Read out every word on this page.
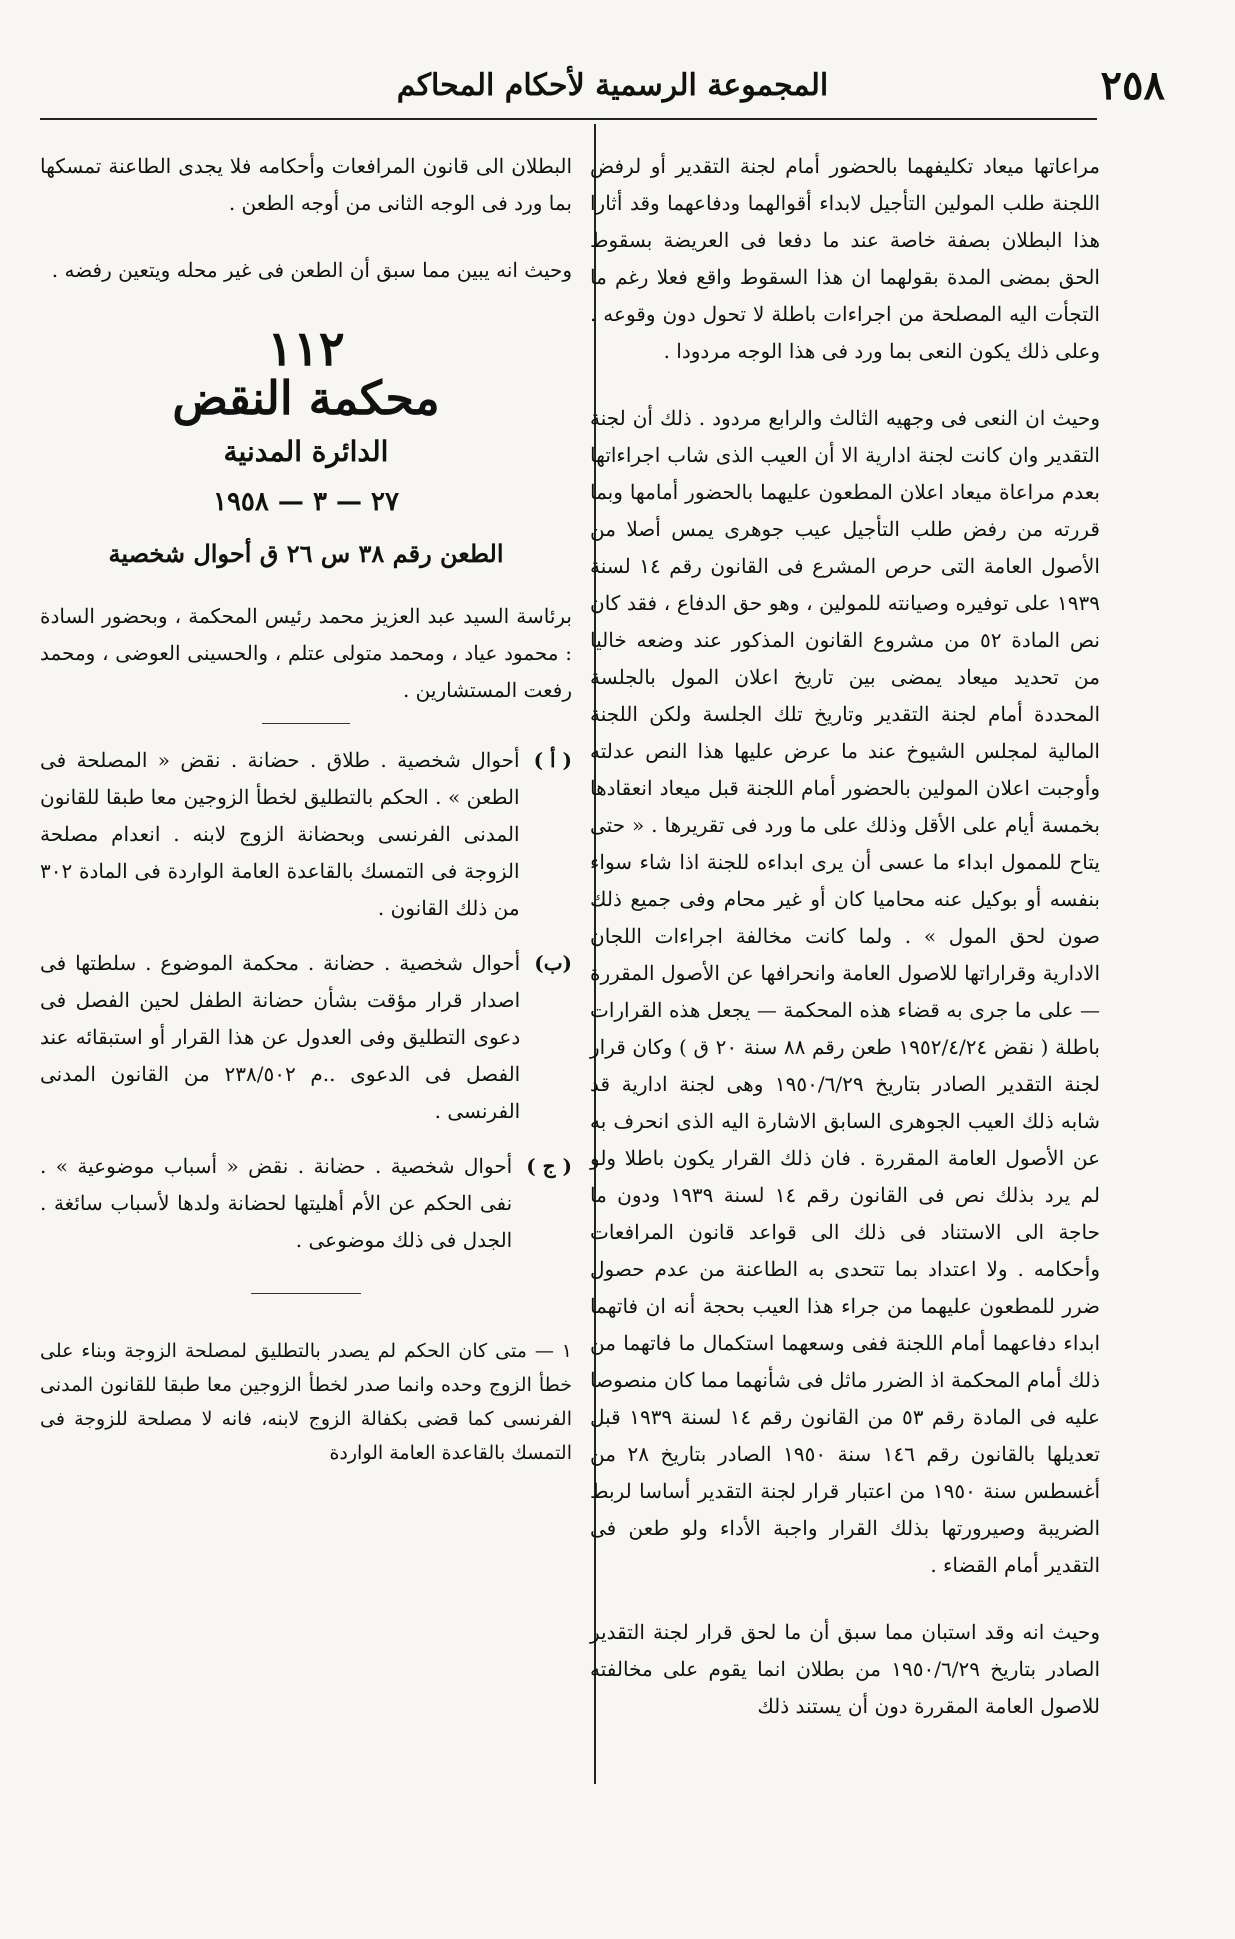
٢٥٨
المجموعة الرسمية لأحكام المحاكم

مراعاتها ميعاد تكليفهما بالحضور أمام لجنة التقدير أو لرفض اللجنة طلب المولين التأجيل لابداء أقوالهما ودفاعهما وقد أثارا هذا البطلان بصفة خاصة عند ما دفعا فى العريضة بسقوط الحق بمضى المدة بقولهما ان هذا السقوط واقع فعلا رغم ما التجأت اليه المصلحة من اجراءات باطلة لا تحول دون وقوعه . وعلى ذلك يكون النعى بما ورد فى هذا الوجه مردودا .

وحيث ان النعى فى وجهيه الثالث والرابع مردود . ذلك أن لجنة التقدير وان كانت لجنة ادارية الا أن العيب الذى شاب اجراءاتها بعدم مراعاة ميعاد اعلان المطعون عليهما بالحضور أمامها وبما قررته من رفض طلب التأجيل عيب جوهرى يمس أصلا من الأصول العامة التى حرص المشرع فى القانون رقم ١٤ لسنة ١٩٣٩ على توفيره وصيانته للمولين ، وهو حق الدفاع ، فقد كان نص المادة ٥٢ من مشروع القانون المذكور عند وضعه خاليا من تحديد ميعاد يمضى بين تاريخ اعلان المول بالجلسة المحددة أمام لجنة التقدير وتاريخ تلك الجلسة ولكن اللجنة المالية لمجلس الشيوخ عند ما عرض عليها هذا النص عدلته وأوجبت اعلان المولين بالحضور أمام اللجنة قبل ميعاد انعقادها بخمسة أيام على الأقل وذلك على ما ورد فى تقريرها . « حتى يتاح للممول ابداء ما عسى أن يرى ابداءه للجنة اذا شاء سواء بنفسه أو بوكيل عنه محاميا كان أو غير محام وفى جميع ذلك صون لحق المول » . ولما كانت مخالفة اجراءات اللجان الادارية وقراراتها للاصول العامة وانحرافها عن الأصول المقررة — على ما جرى به قضاء هذه المحكمة — يجعل هذه القرارات باطلة ( نقض ١٩٥٢/٤/٢٤ طعن رقم ٨٨ سنة ٢٠ ق ) وكان قرار لجنة التقدير الصادر بتاريخ ١٩٥٠/٦/٢٩ وهى لجنة ادارية قد شابه ذلك العيب الجوهرى السابق الاشارة اليه الذى انحرف به عن الأصول العامة المقررة . فان ذلك القرار يكون باطلا ولو لم يرد بذلك نص فى القانون رقم ١٤ لسنة ١٩٣٩ ودون ما حاجة الى الاستناد فى ذلك الى قواعد قانون المرافعات وأحكامه . ولا اعتداد بما تتحدى به الطاعنة من عدم حصول ضرر للمطعون عليهما من جراء هذا العيب بحجة أنه ان فاتهما ابداء دفاعهما أمام اللجنة ففى وسعهما استكمال ما فاتهما من ذلك أمام المحكمة اذ الضرر ماثل فى شأنهما مما كان منصوصا عليه فى المادة رقم ٥٣ من القانون رقم ١٤ لسنة ١٩٣٩ قبل تعديلها بالقانون رقم ١٤٦ سنة ١٩٥٠ الصادر بتاريخ ٢٨ من أغسطس سنة ١٩٥٠ من اعتبار قرار لجنة التقدير أساسا لربط الضريبة وصيرورتها بذلك القرار واجبة الأداء ولو طعن فى التقدير أمام القضاء .

وحيث انه وقد استبان مما سبق أن ما لحق قرار لجنة التقدير الصادر بتاريخ ١٩٥٠/٦/٢٩ من بطلان انما يقوم على مخالفته للاصول العامة المقررة دون أن يستند ذلك

البطلان الى قانون المرافعات وأحكامه فلا يجدى الطاعنة تمسكها بما ورد فى الوجه الثانى من أوجه الطعن .

وحيث انه يبين مما سبق أن الطعن فى غير محله ويتعين رفضه .

١١٢
محكمة النقض
الدائرة المدنية
٢٧ — ٣ — ١٩٥٨
الطعن رقم ٣٨ س ٢٦ ق أحوال شخصية

برئاسة السيد عبد العزيز محمد رئيس المحكمة ، وبحضور السادة : محمود عياد ، ومحمد متولى عتلم ، والحسينى العوضى ، ومحمد رفعت المستشارين .

( أ )
أحوال شخصية . طلاق . حضانة . نقض « المصلحة فى الطعن » . الحكم بالتطليق لخطأ الزوجين معا طبقا للقانون المدنى الفرنسى وبحضانة الزوج لابنه . انعدام مصلحة الزوجة فى التمسك بالقاعدة العامة الواردة فى المادة ٣٠٢ من ذلك القانون .
(ب)
أحوال شخصية . حضانة . محكمة الموضوع . سلطتها فى اصدار قرار مؤقت بشأن حضانة الطفل لحين الفصل فى دعوى التطليق وفى العدول عن هذا القرار أو استبقائه عند الفصل فى الدعوى ..م ٢٣٨/٥٠٢ من القانون المدنى الفرنسى .
( ج )
أحوال شخصية . حضانة . نقض « أسباب موضوعية » . نفى الحكم عن الأم أهليتها لحضانة ولدها لأسباب سائغة . الجدل فى ذلك موضوعى .

١ — متى كان الحكم لم يصدر بالتطليق لمصلحة الزوجة وبناء على خطأ الزوج وحده وانما صدر لخطأ الزوجين معا طبقا للقانون المدنى الفرنسى كما قضى بكفالة الزوج لابنه، فانه لا مصلحة للزوجة فى التمسك بالقاعدة العامة الواردة
